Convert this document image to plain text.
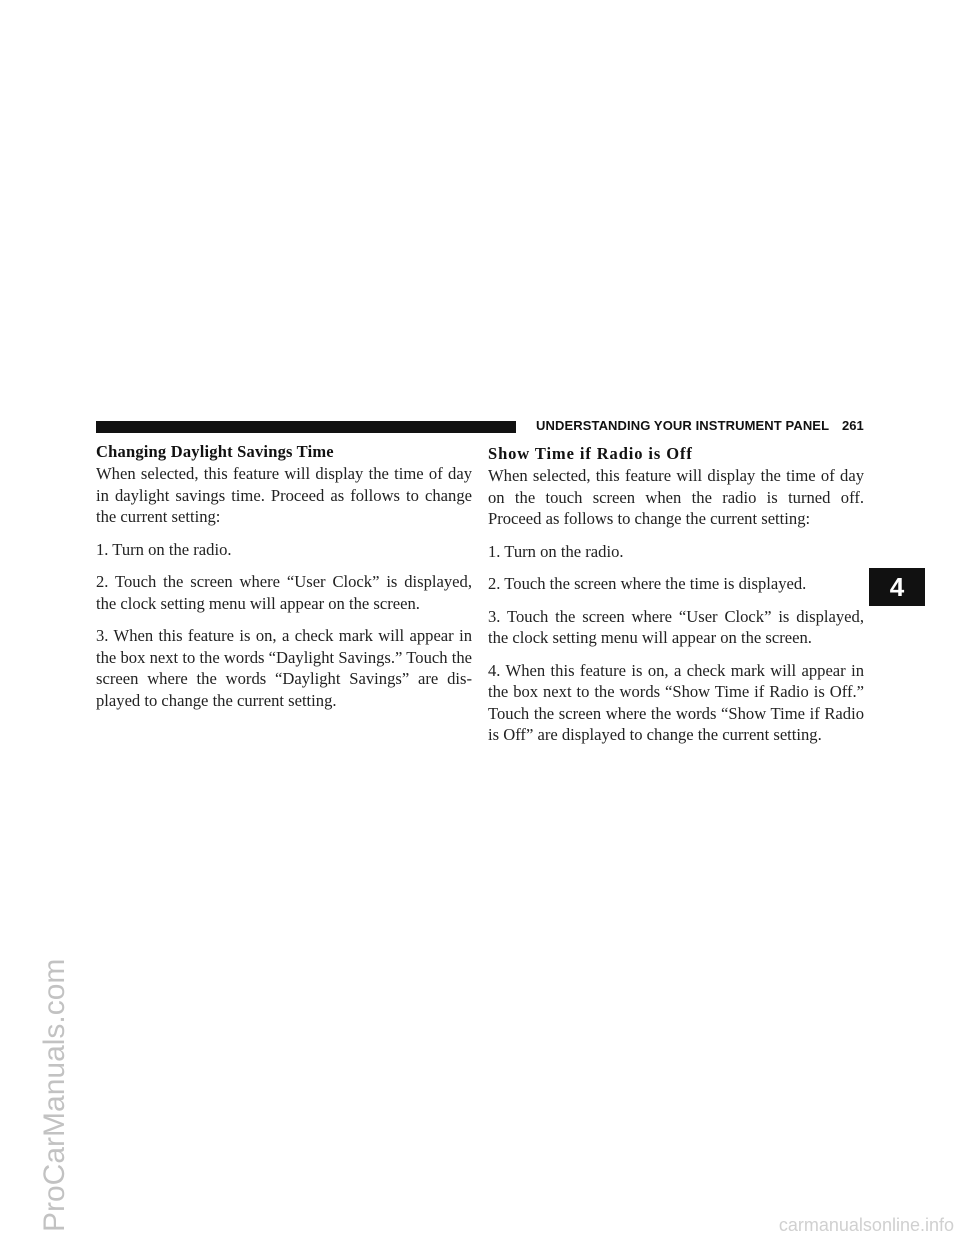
UNDERSTANDING YOUR INSTRUMENT PANEL 261
Changing Daylight Savings Time

When selected, this feature will display the time of day in daylight savings time. Proceed as follows to change the current setting:

1. Turn on the radio.

2. Touch the screen where “User Clock” is displayed, the clock setting menu will appear on the screen.

3. When this feature is on, a check mark will appear in the box next to the words “Daylight Savings.” Touch the screen where the words “Daylight Savings” are dis-played to change the current setting.

Show Time if Radio is Off

When selected, this feature will display the time of day on the touch screen when the radio is turned off. Proceed as follows to change the current setting:

1. Turn on the radio.

2. Touch the screen where the time is displayed.

3. Touch the screen where “User Clock” is displayed, the clock setting menu will appear on the screen.

4. When this feature is on, a check mark will appear in the box next to the words “Show Time if Radio is Off.” Touch the screen where the words “Show Time if Radio is Off” are displayed to change the current setting.

4
ProCarManuals.com	carmanualsonline.info
